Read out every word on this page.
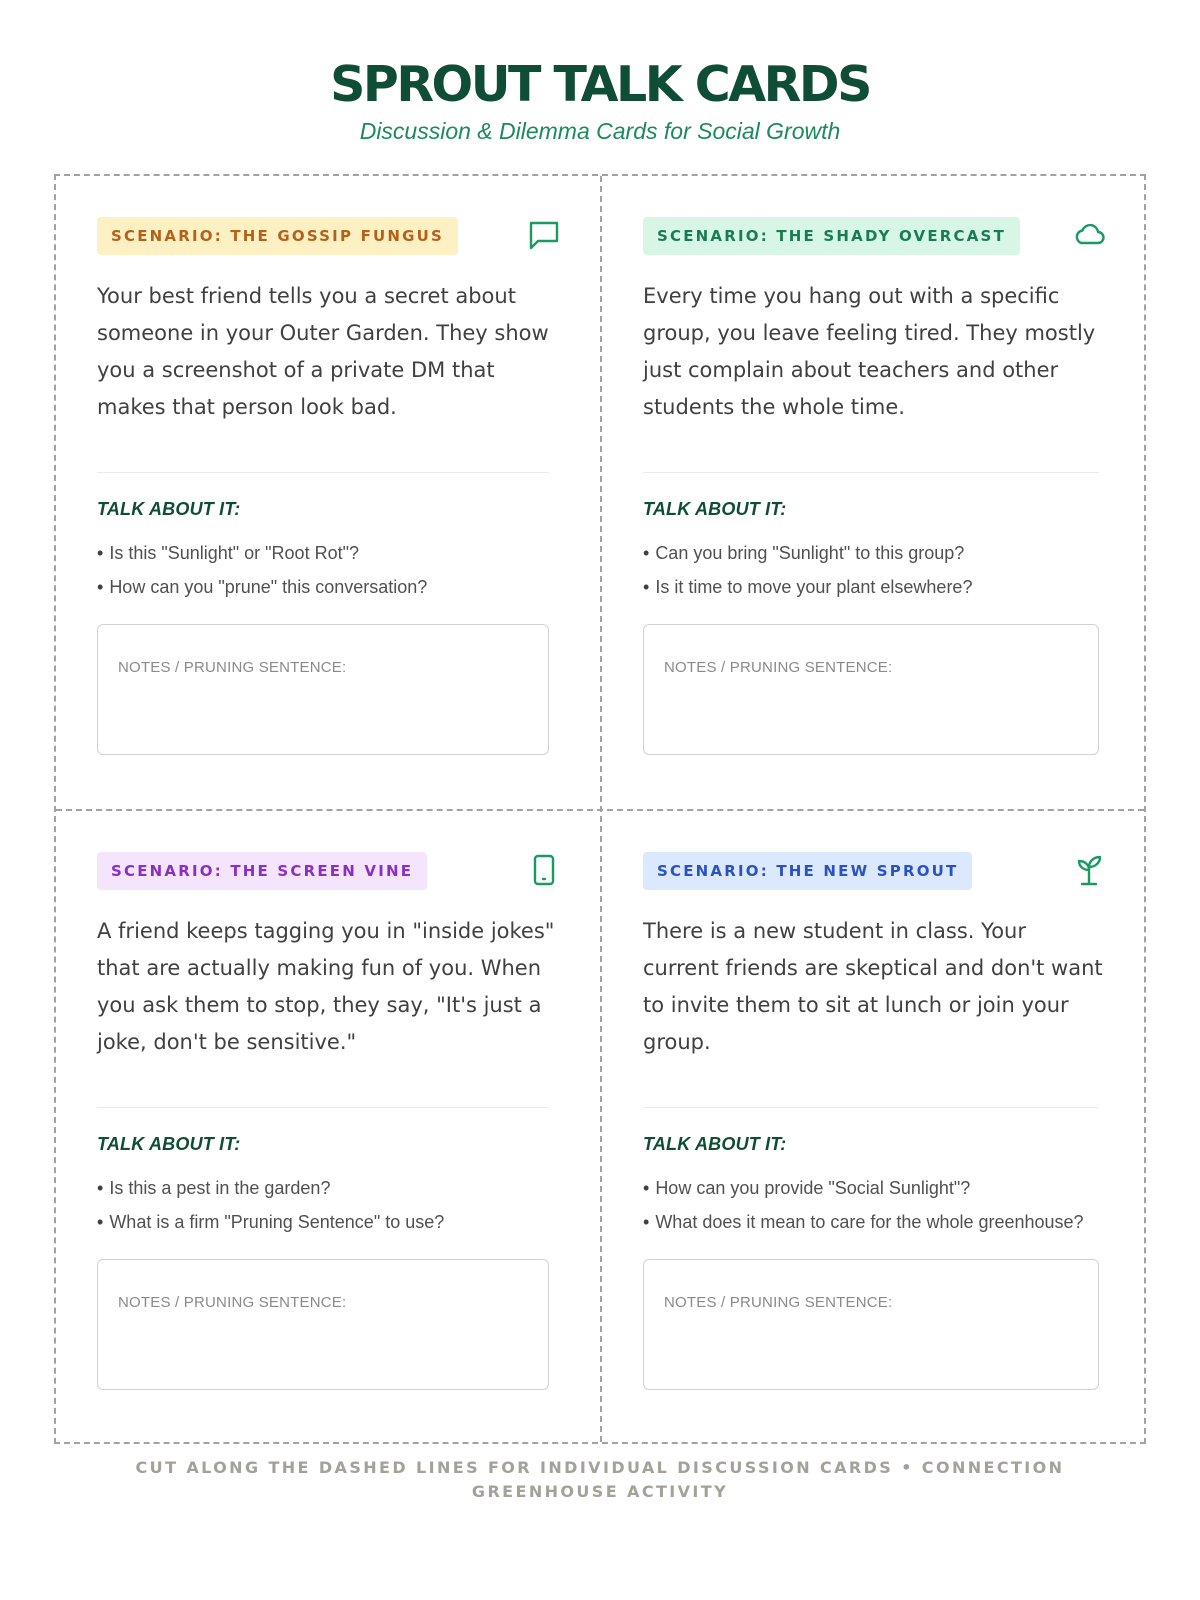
SPROUT TALK CARDS
Discussion & Dilemma Cards for Social Growth
SCENARIO: THE GOSSIP FUNGUS

Your best friend tells you a secret about someone in your Outer Garden. They show you a screenshot of a private DM that makes that person look bad.

TALK ABOUT IT:
• Is this "Sunlight" or "Root Rot"?
• How can you "prune" this conversation?
NOTES / PRUNING SENTENCE:
SCENARIO: THE SHADY OVERCAST

Every time you hang out with a specific group, you leave feeling tired. They mostly just complain about teachers and other students the whole time.

TALK ABOUT IT:
• Can you bring "Sunlight" to this group?
• Is it time to move your plant elsewhere?
NOTES / PRUNING SENTENCE:
SCENARIO: THE SCREEN VINE

A friend keeps tagging you in "inside jokes" that are actually making fun of you. When you ask them to stop, they say, "It's just a joke, don't be sensitive."

TALK ABOUT IT:
• Is this a pest in the garden?
• What is a firm "Pruning Sentence" to use?
NOTES / PRUNING SENTENCE:
SCENARIO: THE NEW SPROUT

There is a new student in class. Your current friends are skeptical and don't want to invite them to sit at lunch or join your group.

TALK ABOUT IT:
• How can you provide "Social Sunlight"?
• What does it mean to care for the whole greenhouse?
NOTES / PRUNING SENTENCE:
CUT ALONG THE DASHED LINES FOR INDIVIDUAL DISCUSSION CARDS • CONNECTION GREENHOUSE ACTIVITY
